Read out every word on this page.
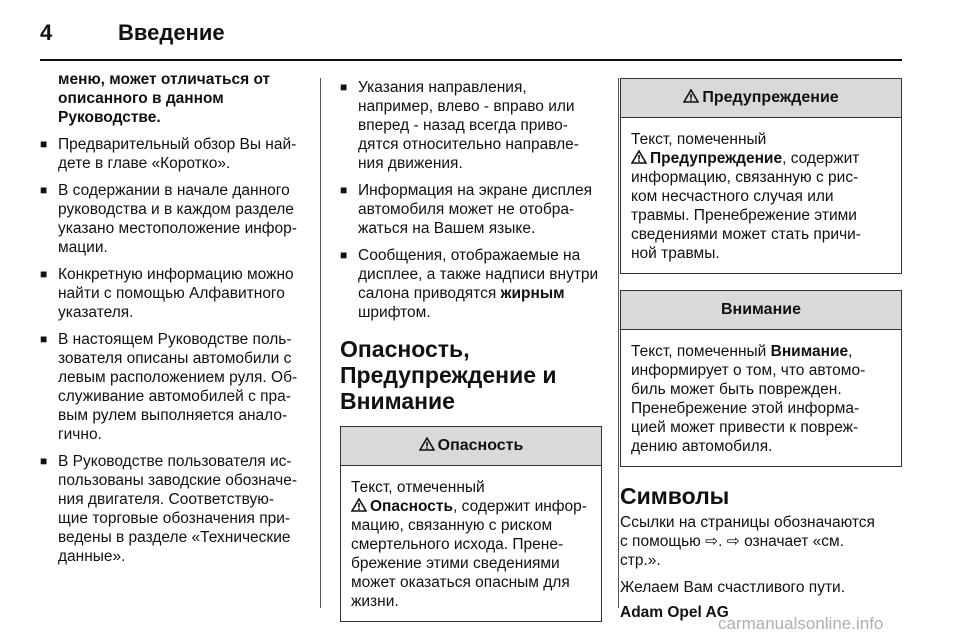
4	Введение
меню, может отличаться от
описанного в данном
Руководстве.
■ Предварительный обзор Вы най-
дете в главе «Коротко».
■ В содержании в начале данного
руководства и в каждом разделе
указано местоположение инфор-
мации.
■ Конкретную информацию можно
найти с помощью Алфавитного
указателя.
■ В настоящем Руководстве поль-
зователя описаны автомобили с
левым расположением руля. Об-
служивание автомобилей с пра-
вым рулем выполняется анало-
гично.
■ В Руководстве пользователя ис-
пользованы заводские обозначе-
ния двигателя. Соответствую-
щие торговые обозначения при-
ведены в разделе «Технические
данные».
■ Указания направления,
например, влево - вправо или
вперед - назад всегда приво-
дятся относительно направле-
ния движения.
■ Информация на экране дисплея
автомобиля может не отобра-
жаться на Вашем языке.
■ Сообщения, отображаемые на
дисплее, а также надписи внутри
салона приводятся жирным
шрифтом.
Опасность,
Предупреждение и
Внимание
Опасность
Текст, отмеченный
Опасность, содержит инфор-
мацию, связанную с риском
смертельного исхода. Прене-
брежение этими сведениями
может оказаться опасным для
жизни.
Предупреждение
Текст, помеченный
Предупреждение, содержит
информацию, связанную с рис-
ком несчастного случая или
травмы. Пренебрежение этими
сведениями может стать причи-
ной травмы.
Внимание
Текст, помеченный Внимание,
информирует о том, что автомо-
биль может быть поврежден.
Пренебрежение этой информа-
цией может привести к повреж-
дению автомобиля.
Символы
Ссылки на страницы обозначаются
с помощью ⇨. ⇨ означает «см.
стр.».
Желаем Вам счастливого пути.
Adam Opel AG
carmanualsonline.info
